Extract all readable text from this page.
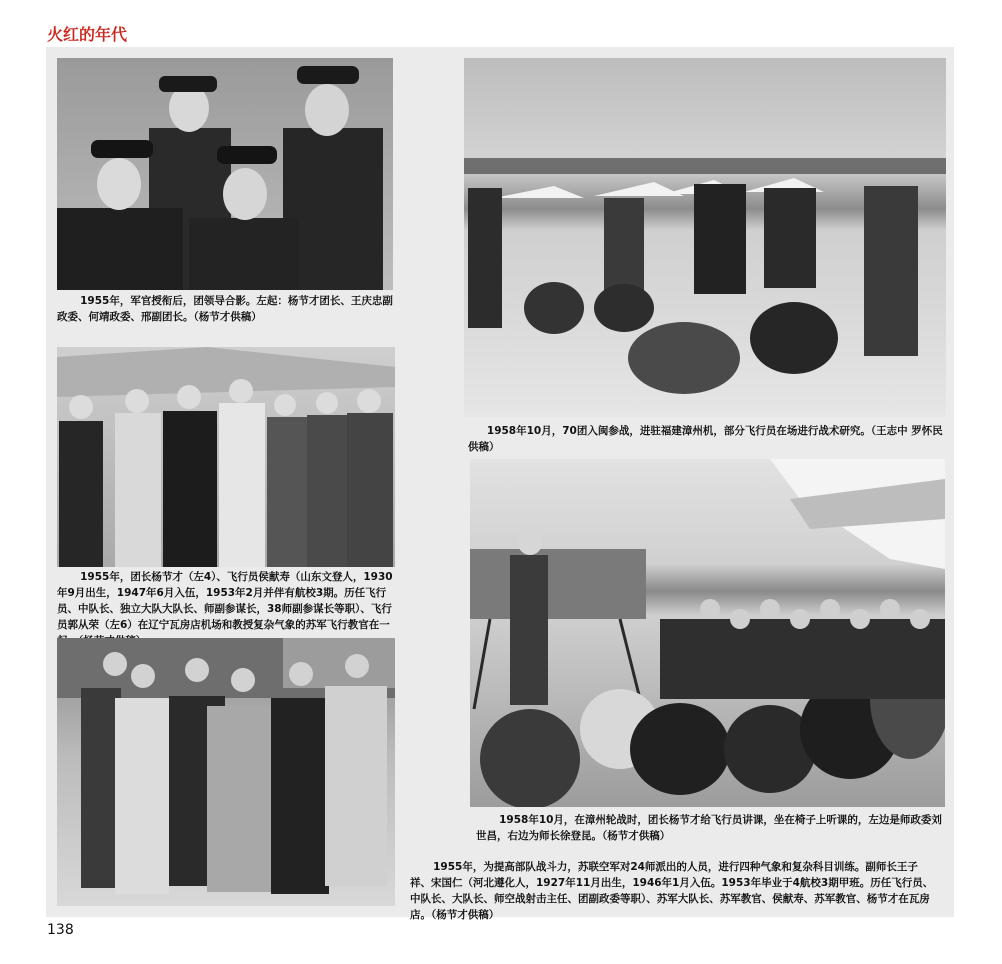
火红的年代
1955年，军官授衔后，团领导合影。左起：杨节才团长、王庆忠副政委、何靖政委、邢副团长。（杨节才供稿）
1958年10月，70团入闽参战，进驻福建漳州机，部分飞行员在场进行战术研究。（王志中 罗怀民供稿）
1955年，团长杨节才（左4）、飞行员侯献寿（山东文登人，1930年9月出生，1947年6月入伍，1953年2月并伴有航校3期。历任飞行员、中队长、独立大队大队长、师副参谋长，38师副参谋长等职）、飞行员郭从荣（左6）在辽宁瓦房店机场和教授复杂气象的苏军飞行教官在一
1958年10月，在漳州轮战时，团长杨节才给飞行员讲课，坐在椅子上听课的，左边是师政委刘世昌，右边为师长徐登昆。（杨节才供稿）
1955年，为提高部队战斗力，苏联空军对24师派出的人员，进行四种气象和复杂科目训练。副师长王子祥、宋国仁（河北遵化人，1927年11月出生，1946年1月入伍。1953年毕业于4航校3期甲班。历任飞行员、中队长、大队长、师空战射击主任、团副政委等职）、苏军大队长、苏军教官、侯献寿、苏军教官、杨节才在瓦房店。（杨节才供稿）
138
